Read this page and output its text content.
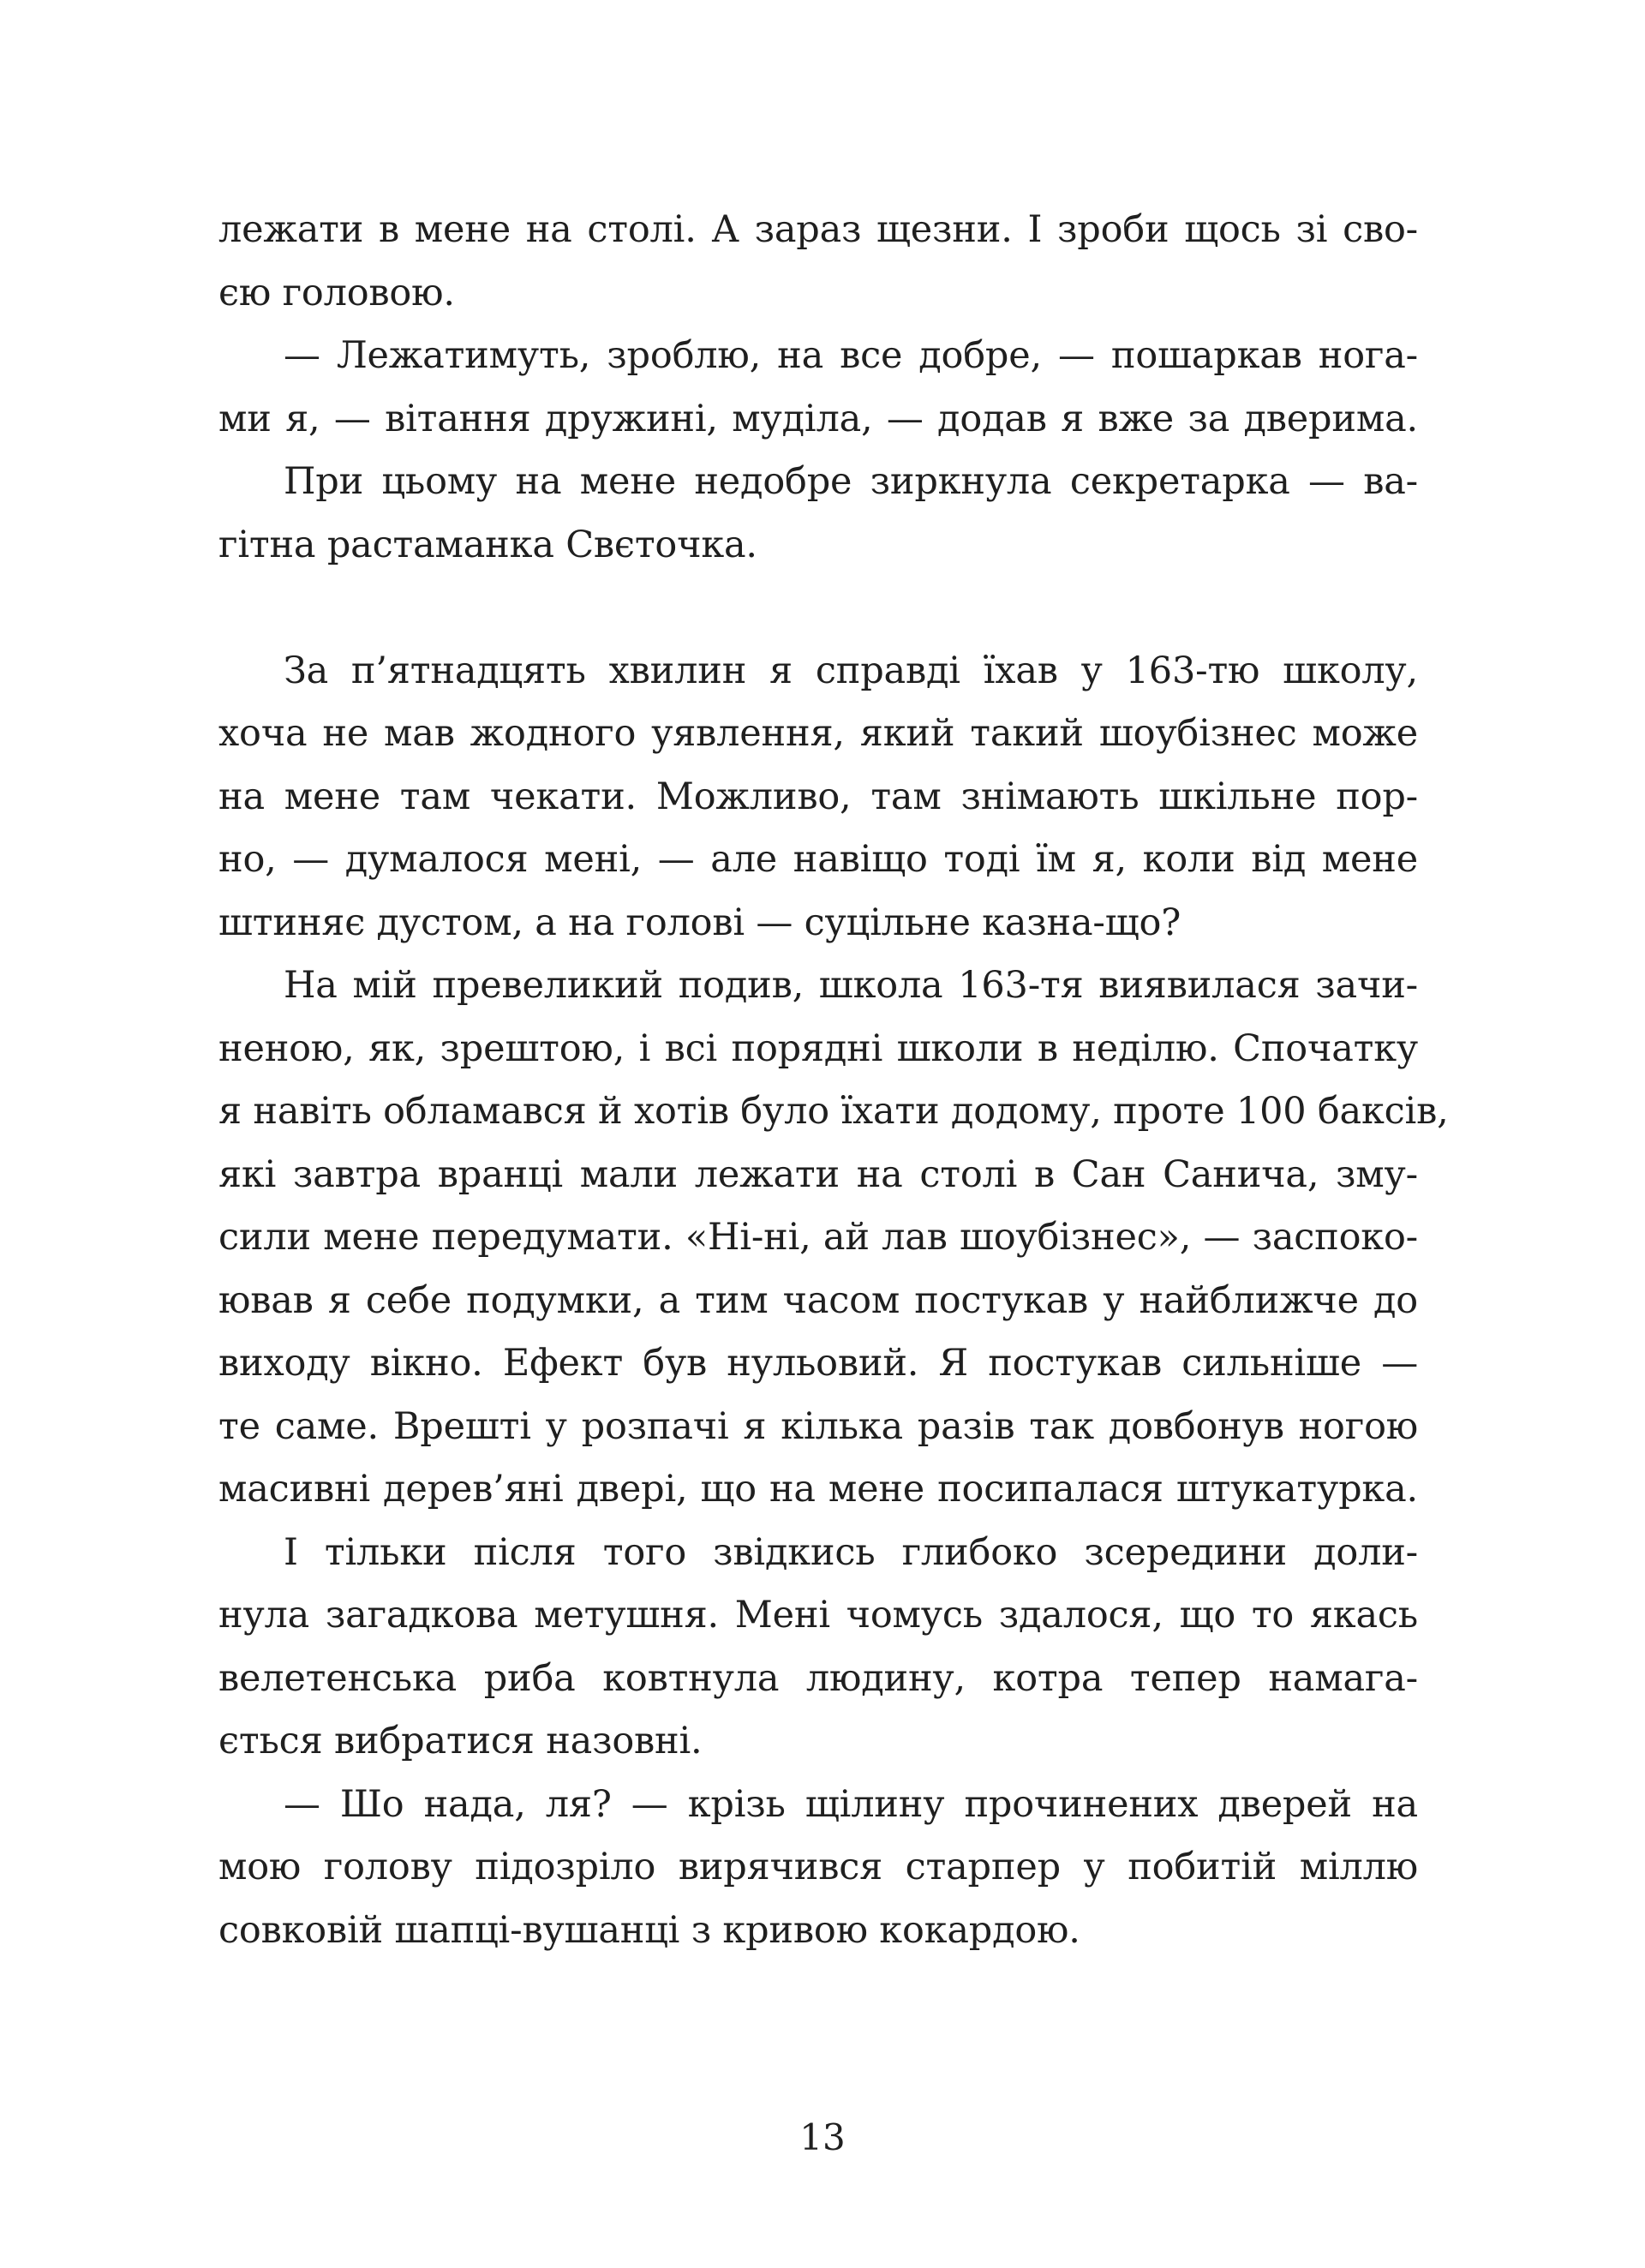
лежати в мене на столі. А зараз щезни. І зроби щось зі сво-
єю головою.
— Лежатимуть, зроблю, на все добре, — пошаркав нога-
ми я, — вітання дружині, муділа, — додав я вже за дверима.
При цьому на мене недобре зиркнула секретарка — ва-
гітна растаманка Свєточка.
За п’ятнадцять хвилин я справді їхав у 163-тю школу,
хоча не мав жодного уявлення, який такий шоубізнес може
на мене там чекати. Можливо, там знімають шкільне пор-
но, — думалося мені, — але навіщо тоді їм я, коли від мене
штиняє дустом, а на голові — суцільне казна-що?
На мій превеликий подив, школа 163-тя виявилася зачи-
неною, як, зрештою, і всі порядні школи в неділю. Спочатку
я навіть обламався й хотів було їхати додому, проте 100 баксів,
які завтра вранці мали лежати на столі в Сан Санича, зму-
сили мене передумати. «Ні-ні, ай лав шоубізнес», — заспоко-
ював я себе подумки, а тим часом постукав у найближче до
виходу вікно. Ефект був нульовий. Я постукав сильніше —
те саме. Врешті у розпачі я кілька разів так довбонув ногою
масивні дерев’яні двері, що на мене посипалася штукатурка.
І тільки після того звідкись глибоко зсередини доли-
нула загадкова метушня. Мені чомусь здалося, що то якась
велетенська риба ковтнула людину, котра тепер намага-
ється вибратися назовні.
— Шо нада, ля? — крізь щілину прочинених дверей на
мою голову підозріло вирячився старпер у побитій міллю
совковій шапці-вушанці з кривою кокардою.
13
